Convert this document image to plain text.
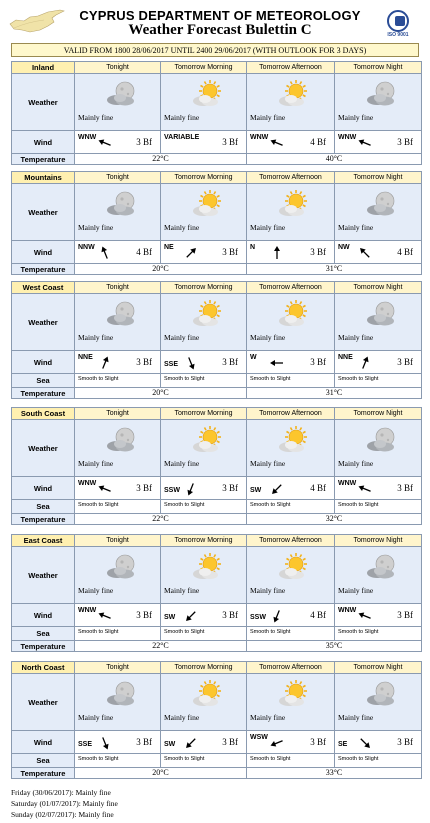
CYPRUS DEPARTMENT OF METEOROLOGY
Weather Forecast Bulettin C	ISO 9001
VALID FROM 1800 28/06/2017 UNTIL 2400 29/06/2017 (WITH OUTLOOK FOR 3 DAYS)
Inland	Tonight	Tomorrow Morning	Tomorrow Afternoon	Tomorrow Night
Weather	Mainly fine	Mainly fine	Mainly fine	Mainly fine

Wind	WNW 3 Bf	VARIABLE 3 Bf	WNW 4 Bf	WNW 3 Bf

Temperature	22°C		40°C	
Mountains	Tonight	Tomorrow Morning	Tomorrow Afternoon	Tomorrow Night
Weather	Mainly fine	Mainly fine	Mainly fine	Mainly fine

Wind	NNW 4 Bf	NE 3 Bf	N 3 Bf	NW 4 Bf

Temperature	20°C		31°C	
West Coast	Tonight	Tomorrow Morning	Tomorrow Afternoon	Tomorrow Night
Weather	Mainly fine	Mainly fine	Mainly fine	Mainly fine

Wind	NNE 3 Bf	SSE 3 Bf	W 3 Bf	NNE 3 Bf

Sea	Smooth to Slight	Smooth to Slight	Smooth to Slight	Smooth to Slight

Temperature	20°C		31°C	
South Coast	Tonight	Tomorrow Morning	Tomorrow Afternoon	Tomorrow Night
Weather	Mainly fine	Mainly fine	Mainly fine	Mainly fine

Wind	WNW 3 Bf	SSW 3 Bf	SW 4 Bf	WNW 3 Bf

Sea	Smooth to Slight	Smooth to Slight	Smooth to Slight	Smooth to Slight

Temperature	22°C		32°C	
East Coast	Tonight	Tomorrow Morning	Tomorrow Afternoon	Tomorrow Night
Weather	Mainly fine	Mainly fine	Mainly fine	Mainly fine

Wind	WNW 3 Bf	SW 3 Bf	SSW 4 Bf	WNW 3 Bf

Sea	Smooth to Slight	Smooth to Slight	Smooth to Slight	Smooth to Slight

Temperature	22°C		35°C	
North Coast	Tonight	Tomorrow Morning	Tomorrow Afternoon	Tomorrow Night
Weather	Mainly fine	Mainly fine	Mainly fine	Mainly fine

Wind	SSE 3 Bf	SW 3 Bf	WSW 3 Bf	SE 3 Bf

Sea	Smooth to Slight	Smooth to Slight	Smooth to Slight	Smooth to Slight

Temperature	20°C		33°C	
Friday (30/06/2017): Mainly fine
Saturday (01/07/2017): Mainly fine
Sunday (02/07/2017): Mainly fine
